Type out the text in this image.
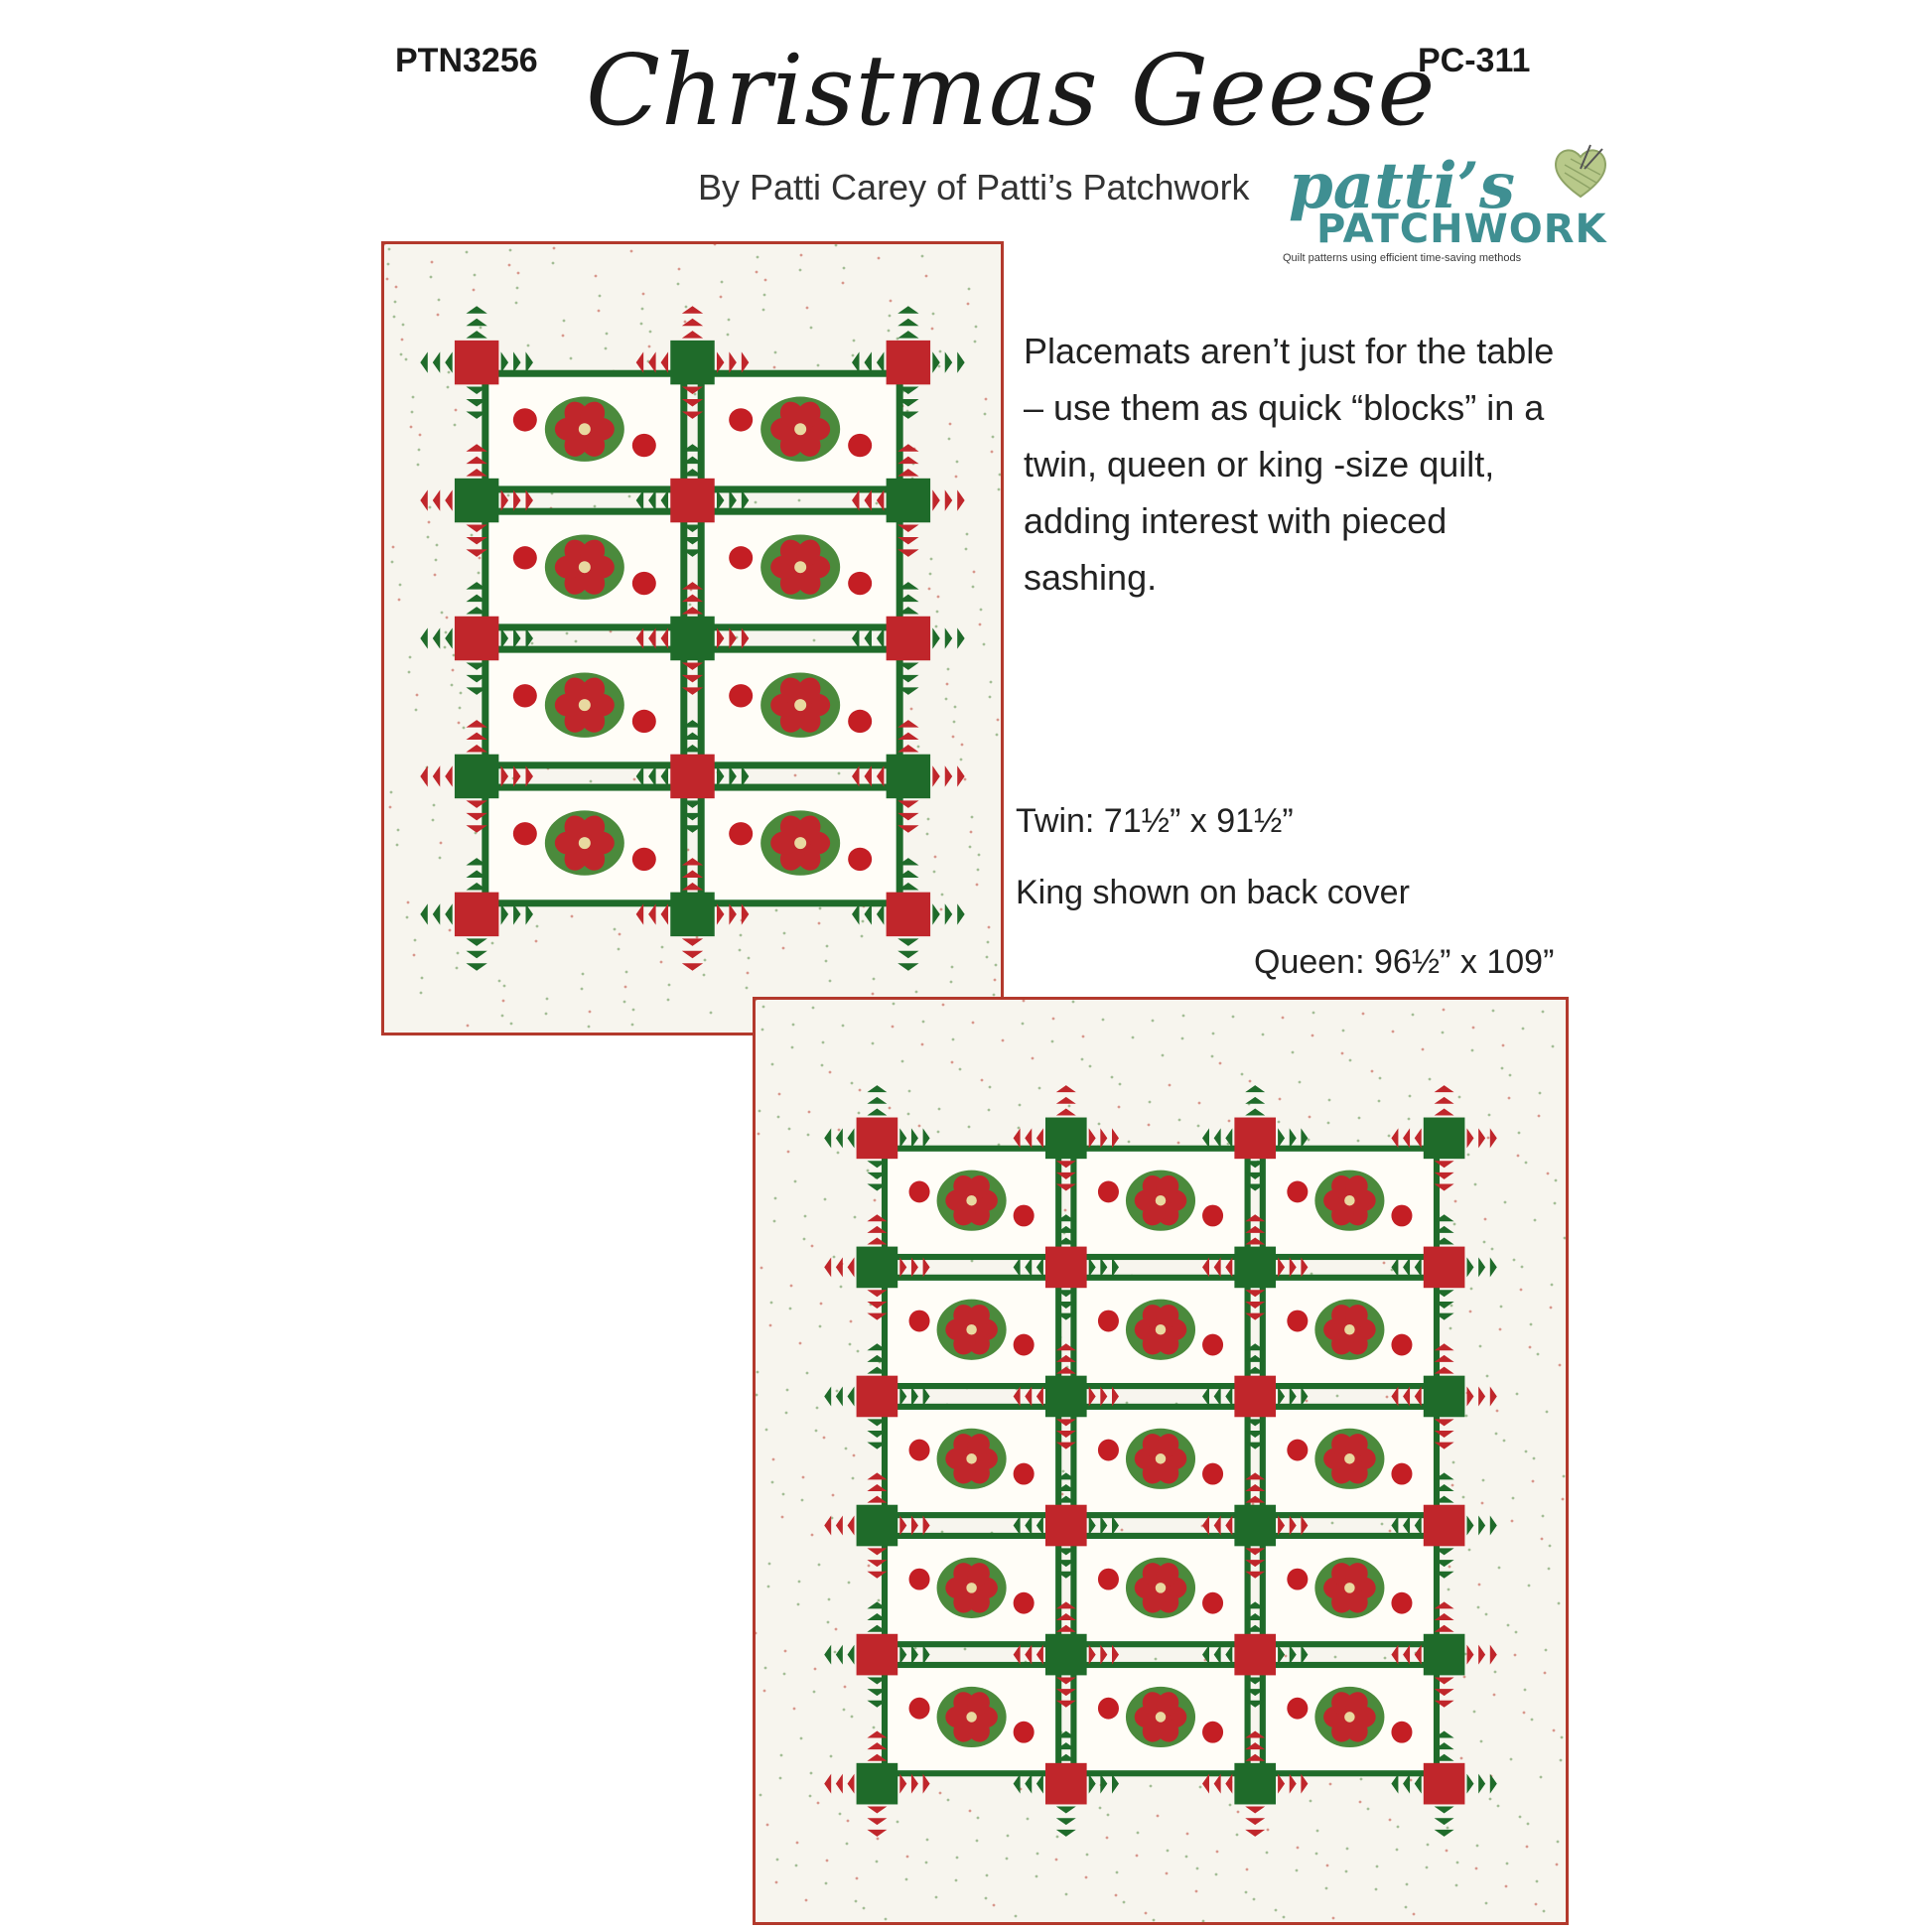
PTN3256	PC-311
Christmas Geese
By Patti Carey of Patti’s Patchwork patti’s
PATCHWORK
Quilt patterns using efficient time-saving methods
Placemats aren’t just for the table – use them as quick “blocks” in a twin, queen or king -size quilt, adding interest with pieced sashing.
Twin: 71½” x 91½”
King shown on back cover
Queen: 96½” x 109”
